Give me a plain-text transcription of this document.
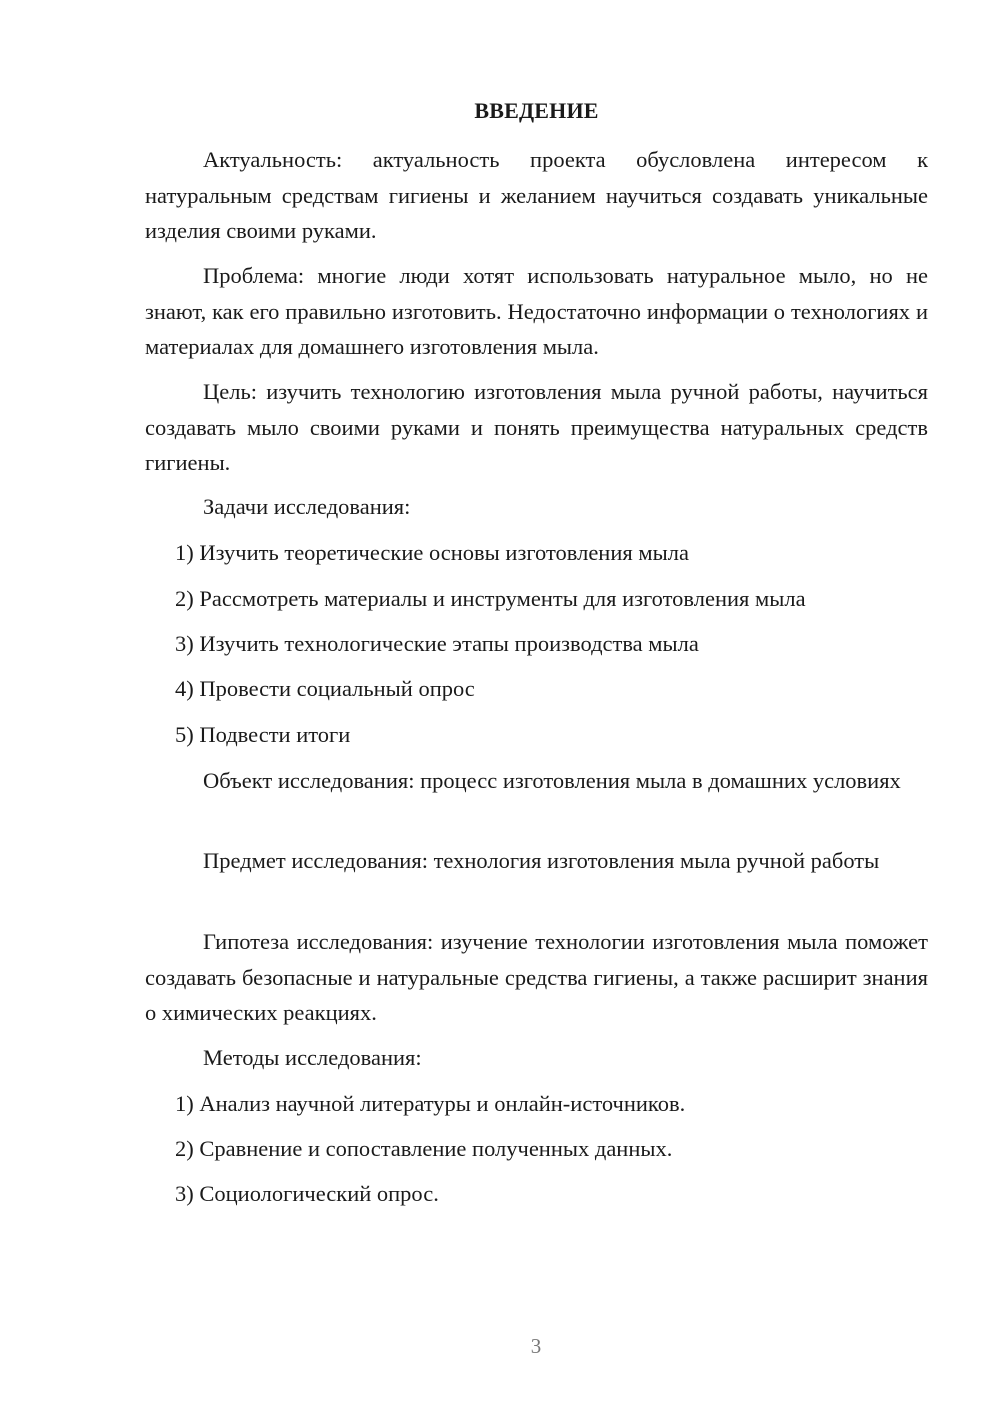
ВВЕДЕНИЕ

Актуальность: актуальность проекта обусловлена интересом к натуральным средствам гигиены и желанием научиться создавать уникальные изделия своими руками.

Проблема: многие люди хотят использовать натуральное мыло, но не знают, как его правильно изготовить. Недостаточно информации о технологиях и материалах для домашнего изготовления мыла.

Цель: изучить технологию изготовления мыла ручной работы, научиться создавать мыло своими руками и понять преимущества натуральных средств гигиены.

Задачи исследования:

1) Изучить теоретические основы изготовления мыла

2) Рассмотреть материалы и инструменты для изготовления мыла

3) Изучить технологические этапы производства мыла

4) Провести социальный опрос

5) Подвести итоги

Объект исследования: процесс изготовления мыла в домашних условиях

Предмет исследования: технология изготовления мыла ручной работы

Гипотеза исследования: изучение технологии изготовления мыла поможет создавать безопасные и натуральные средства гигиены, а также расширит знания о химических реакциях.

Методы исследования:

1) Анализ научной литературы и онлайн-источников.

2) Сравнение и сопоставление полученных данных.

3) Социологический опрос.

3
